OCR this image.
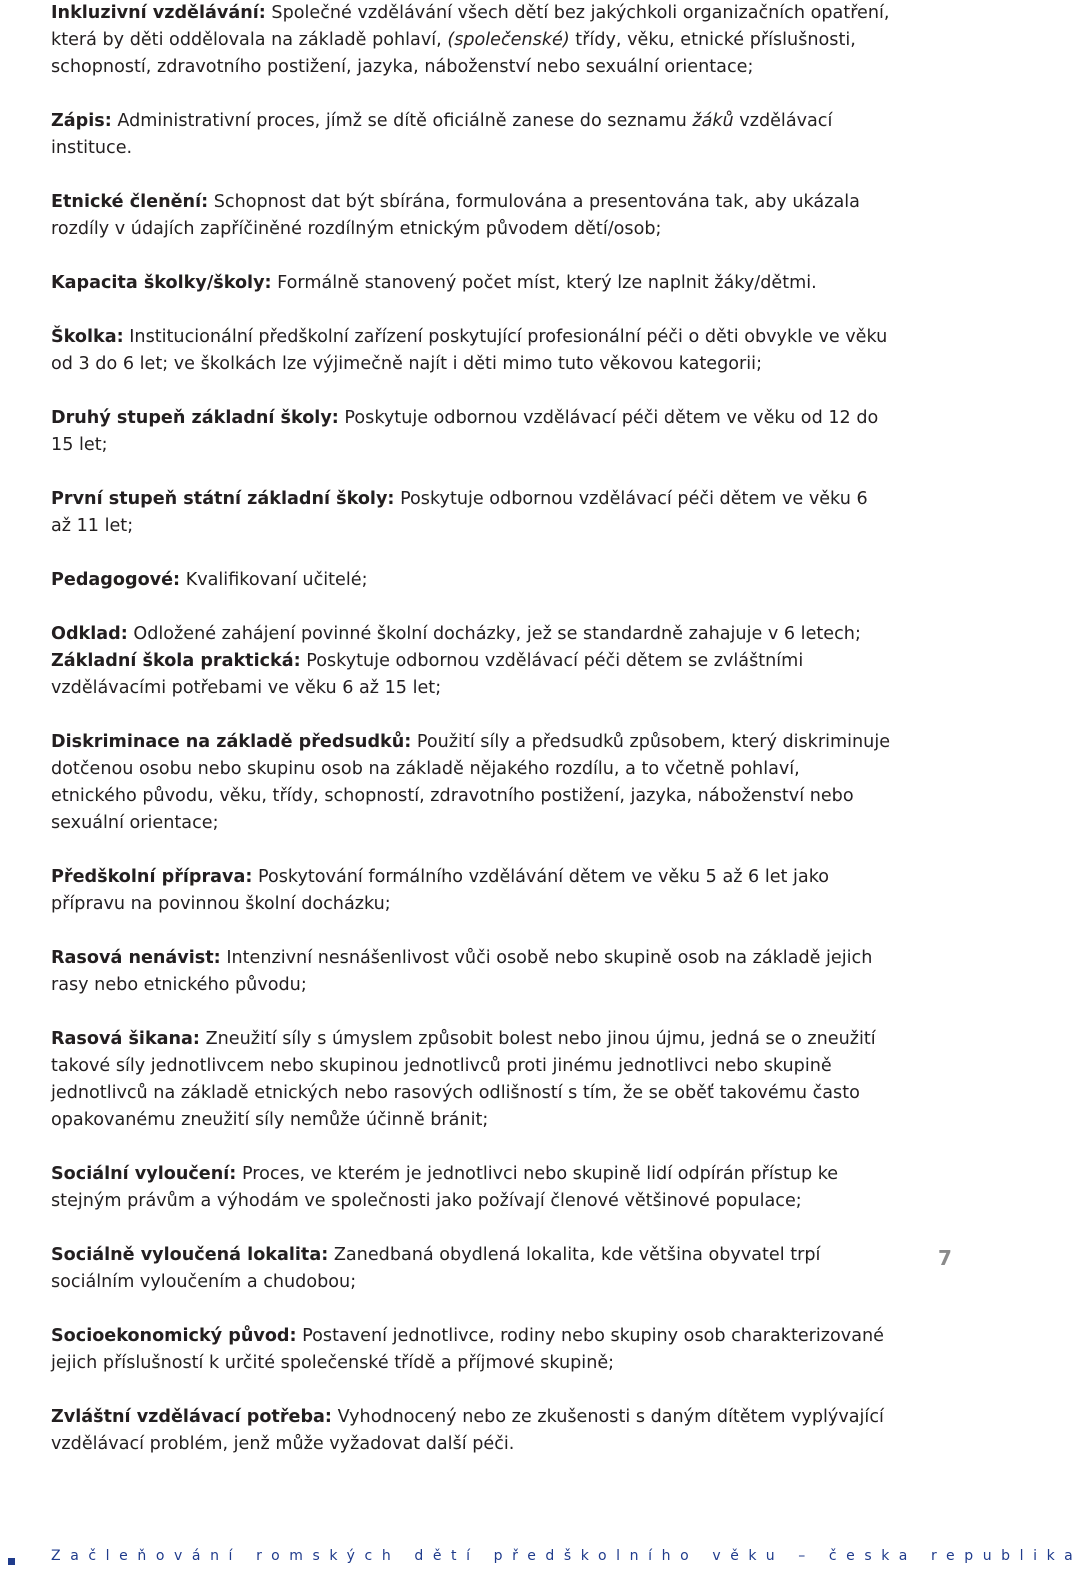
Inkluzivní vzdělávání: Společné vzdělávání všech dětí bez jakýchkoli organizačních opatření, která by děti oddělovala na základě pohlaví, (společenské) třídy, věku, etnické příslušnosti, schopností, zdravotního postižení, jazyka, náboženství nebo sexuální orientace;

Zápis: Administrativní proces, jímž se dítě oficiálně zanese do seznamu žáků vzdělávací instituce.

Etnické členění: Schopnost dat být sbírána, formulována a presentována tak, aby ukázala rozdíly v údajích zapříčiněné rozdílným etnickým původem dětí/osob;

Kapacita školky/školy: Formálně stanovený počet míst, který lze naplnit žáky/dětmi.

Školka: Institucionální předškolní zařízení poskytující profesionální péči o děti obvykle ve věku od 3 do 6 let; ve školkách lze výjimečně najít i děti mimo tuto věkovou kategorii;

Druhý stupeň základní školy: Poskytuje odbornou vzdělávací péči dětem ve věku od 12 do 15 let;

První stupeň státní základní školy: Poskytuje odbornou vzdělávací péči dětem ve věku 6 až 11 let;

Pedagogové: Kvalifikovaní učitelé;

Odklad: Odložené zahájení povinné školní docházky, jež se standardně zahajuje v 6 letech;

Základní škola praktická: Poskytuje odbornou vzdělávací péči dětem se zvláštními vzdělávacími potřebami ve věku 6 až 15 let;

Diskriminace na základě předsudků: Použití síly a předsudků způsobem, který diskriminuje dotčenou osobu nebo skupinu osob na základě nějakého rozdílu, a to včetně pohlaví, etnického původu, věku, třídy, schopností, zdravotního postižení, jazyka, náboženství nebo sexuální orientace;

Předškolní příprava: Poskytování formálního vzdělávání dětem ve věku 5 až 6 let jako přípravu na povinnou školní docházku;

Rasová nenávist: Intenzivní nesnášenlivost vůči osobě nebo skupině osob na základě jejich rasy nebo etnického původu;

Rasová šikana: Zneužití síly s úmyslem způsobit bolest nebo jinou újmu, jedná se o zneužití takové síly jednotlivcem nebo skupinou jednotlivců proti jinému jednotlivci nebo skupině jednotlivců na základě etnických nebo rasových odlišností s tím, že se oběť takovému často opakovanému zneužití síly nemůže účinně bránit;

Sociální vyloučení: Proces, ve kterém je jednotlivci nebo skupině lidí odpírán přístup ke stejným právům a výhodám ve společnosti jako požívají členové většinové populace;

Sociálně vyloučená lokalita: Zanedbaná obydlená lokalita, kde většina obyvatel trpí sociálním vyloučením a chudobou;

Socioekonomický původ: Postavení jednotlivce, rodiny nebo skupiny osob charakterizované jejich příslušností k určité společenské třídě a příjmové skupině;

Zvláštní vzdělávací potřeba: Vyhodnocený nebo ze zkušenosti s daným dítětem vyplývající vzdělávací problém, jenž může vyžadovat další péči.

7
Začleňování romských dětí předškolního věku – česka republika
